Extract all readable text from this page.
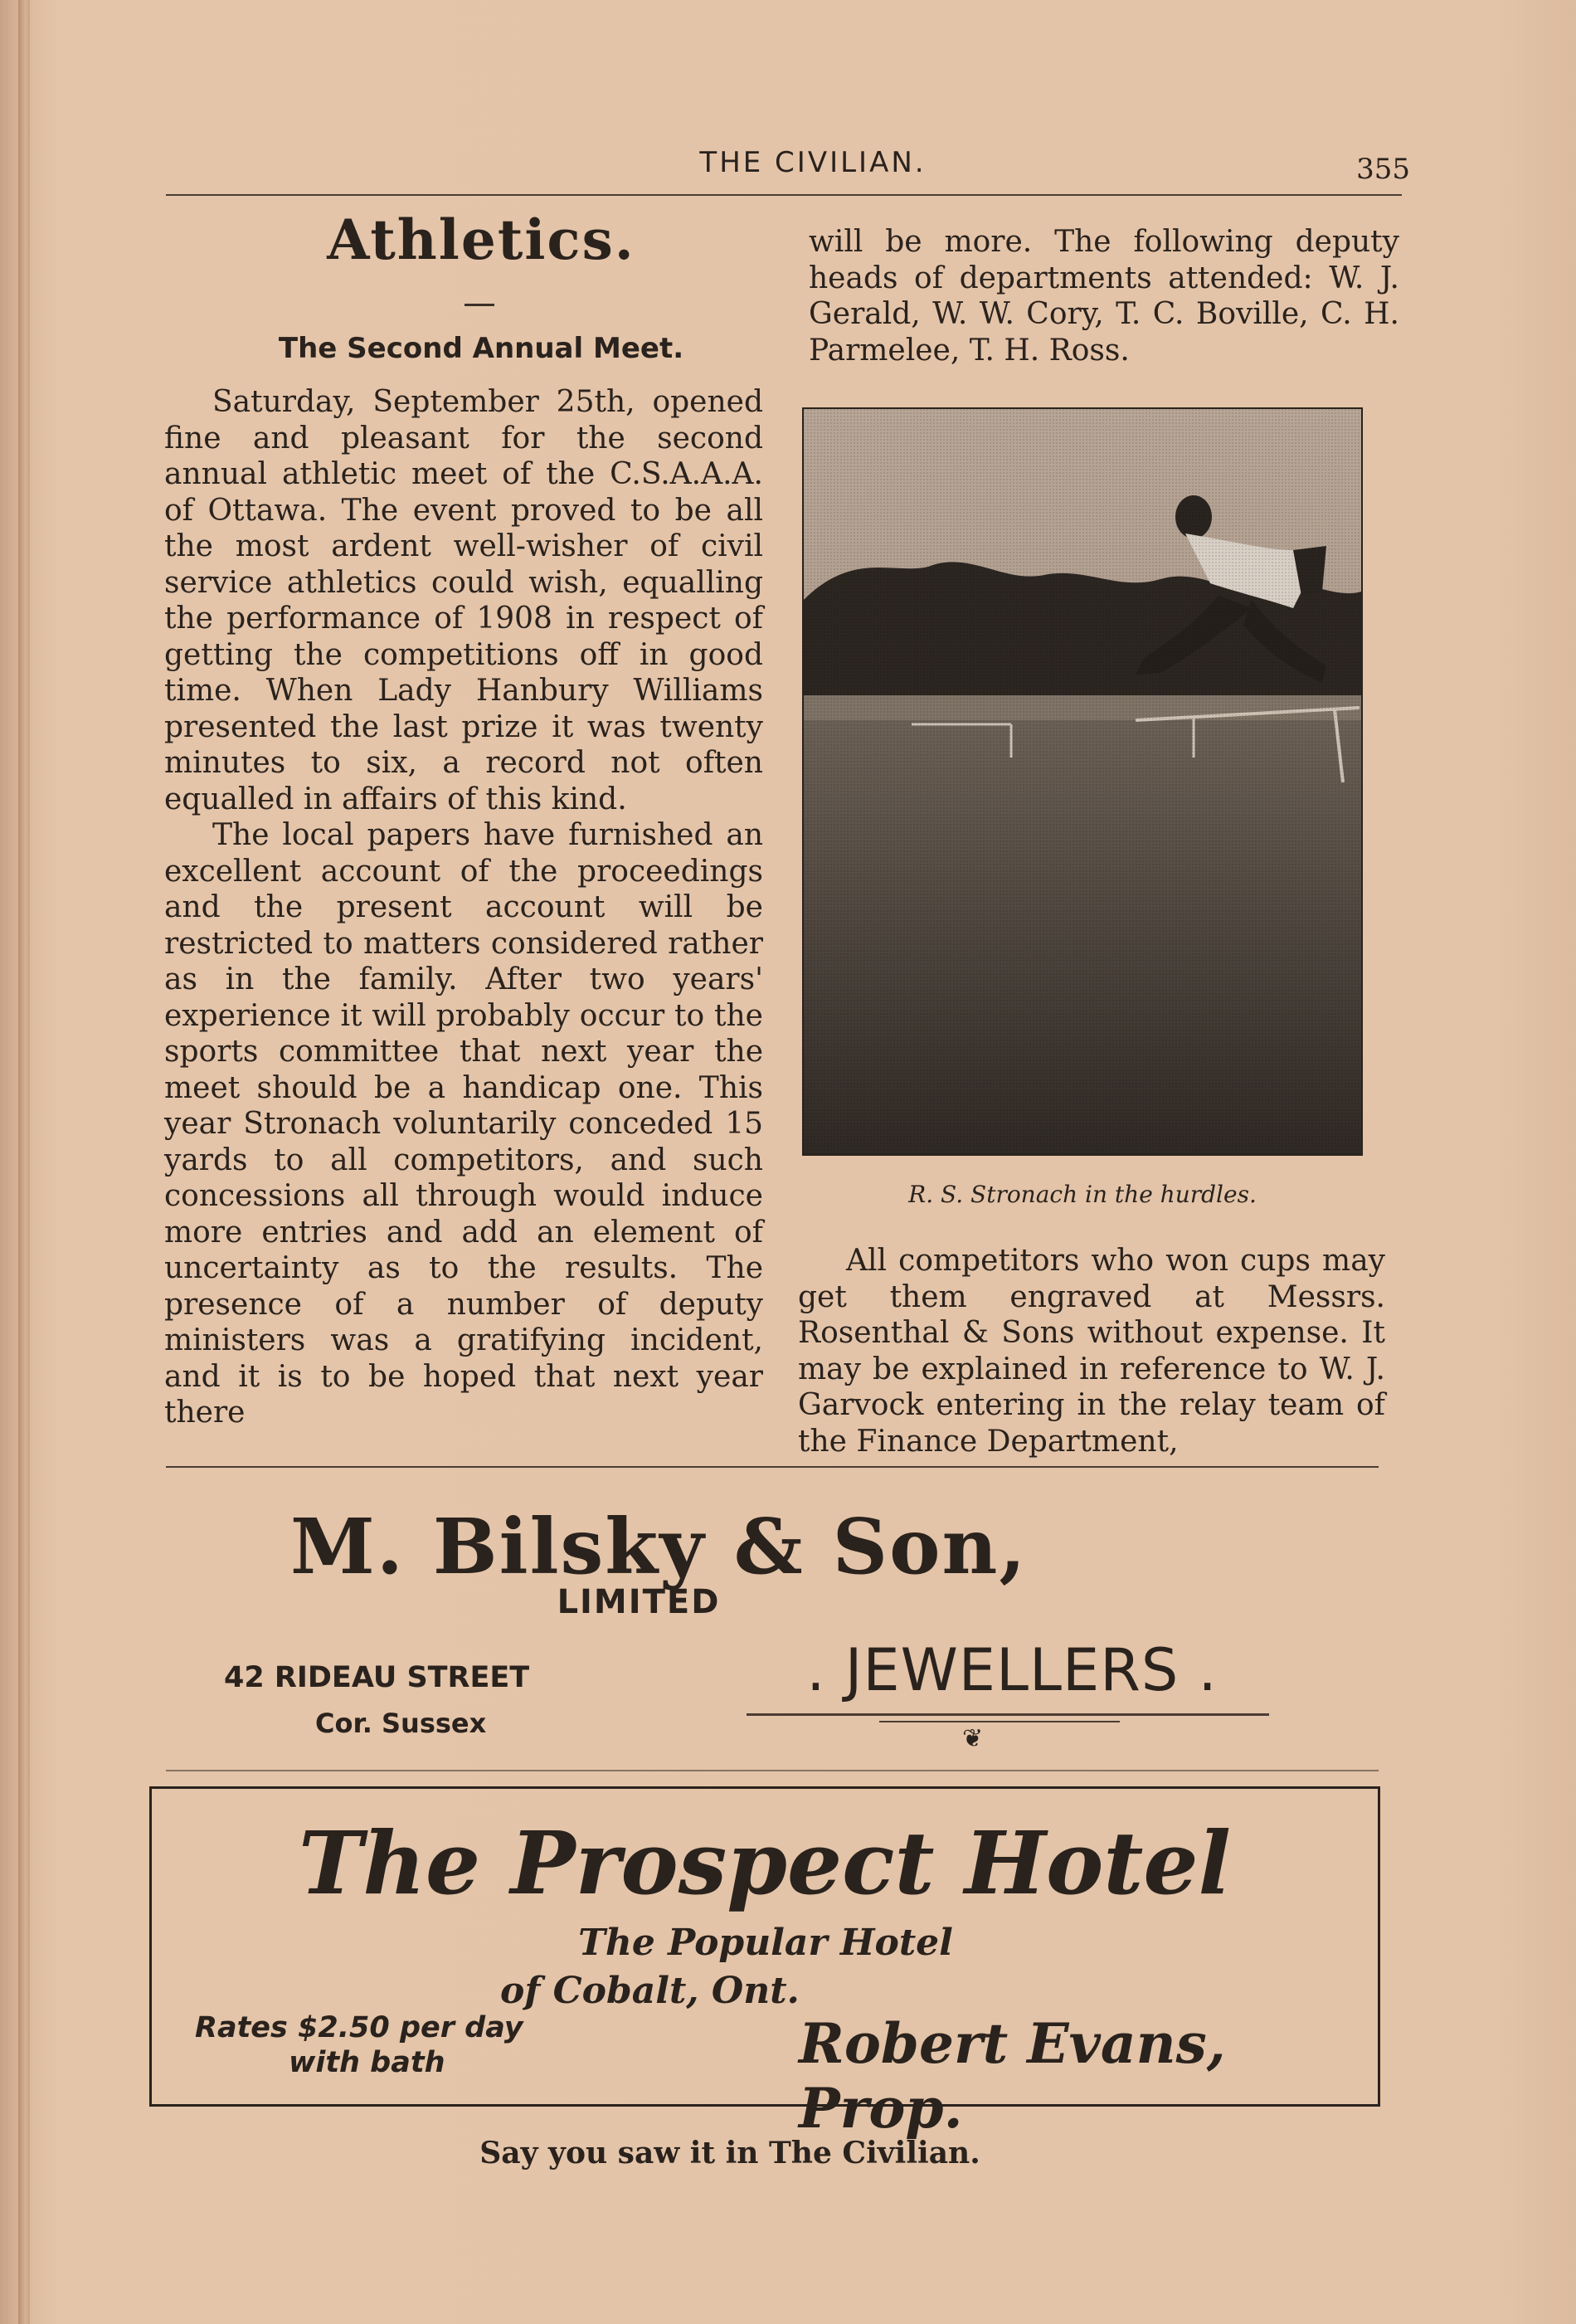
THE CIVILIAN.	355
Athletics.
The Second Annual Meet.

Saturday, September 25th, opened fine and pleasant for the second annual athletic meet of the C.S.A.A.A. of Ottawa. The event proved to be all the most ardent well-wisher of civil service athletics could wish, equalling the performance of 1908 in respect of getting the competitions off in good time. When Lady Hanbury Williams presented the last prize it was twenty minutes to six, a record not often equalled in affairs of this kind.

The local papers have furnished an excellent account of the proceedings and the present account will be restricted to matters considered rather as in the family. After two years' experience it will probably occur to the sports committee that next year the meet should be a handicap one. This year Stronach voluntarily conceded 15 yards to all competitors, and such concessions all through would induce more entries and add an element of uncertainty as to the results. The presence of a number of deputy ministers was a gratifying incident, and it is to be hoped that next year there

will be more. The following deputy heads of departments attended: W. J. Gerald, W. W. Cory, T. C. Boville, C. H. Parmelee, T. H. Ross.

R. S. Stronach in the hurdles.

All competitors who won cups may get them engraved at Messrs. Rosenthal & Sons without expense. It may be explained in reference to W. J. Garvock entering in the relay team of the Finance Department,

M. Bilsky & Son,
LIMITED
42 RIDEAU STREET
Cor. Sussex
. JEWELLERS .
❦
The Prospect Hotel
The Popular Hotel
of Cobalt, Ont.
Rates $2.50 per day
with bath	Robert Evans, Prop.
Say you saw it in The Civilian.
